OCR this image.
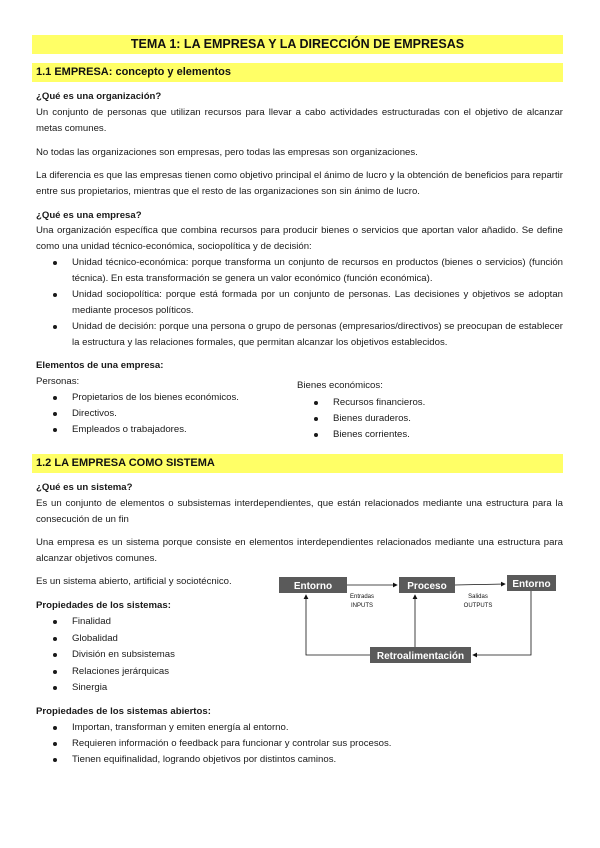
TEMA 1: LA EMPRESA Y LA DIRECCIÓN DE EMPRESAS
1.1 EMPRESA: concepto y elementos
¿Qué es una organización?
Un conjunto de personas que utilizan recursos para llevar a cabo actividades estructuradas con el objetivo de alcanzar metas comunes.
No todas las organizaciones son empresas, pero todas las empresas son organizaciones.
La diferencia es que las empresas tienen como objetivo principal el ánimo de lucro y la obtención de beneficios para repartir entre sus propietarios, mientras que el resto de las organizaciones son sin ánimo de lucro.
¿Qué es una empresa?
Una organización específica que combina recursos para producir bienes o servicios que aportan valor añadido. Se define como una unidad técnico-económica, sociopolítica y de decisión:
Unidad técnico-económica: porque transforma un conjunto de recursos en productos (bienes o servicios) (función técnica). En esta transformación se genera un valor económico (función económica).
Unidad sociopolítica: porque está formada por un conjunto de personas. Las decisiones y objetivos se adoptan mediante procesos políticos.
Unidad de decisión: porque una persona o grupo de personas (empresarios/directivos) se preocupan de establecer la estructura y las relaciones formales, que permitan alcanzar los objetivos establecidos.
Elementos de una empresa:
Personas:
Propietarios de los bienes económicos.
Directivos.
Empleados o trabajadores.
Bienes económicos:
Recursos financieros.
Bienes duraderos.
Bienes corrientes.
1.2 LA EMPRESA COMO SISTEMA
¿Qué es un sistema?
Es un conjunto de elementos o subsistemas interdependientes, que están relacionados mediante una estructura para la consecución de un fin
Una empresa es un sistema porque consiste en elementos interdependientes relacionados mediante una estructura para alcanzar objetivos comunes.
Es un sistema abierto, artificial y sociotécnico.
Propiedades de los sistemas:
Finalidad
Globalidad
División en subsistemas
Relaciones jerárquicas
Sinergia
Propiedades de los sistemas abiertos:
Importan, transforman y emiten energía al entorno.
Requieren información o feedback para funcionar y controlar sus procesos.
Tienen equifinalidad, logrando objetivos por distintos caminos.
Entorno	Proceso	Entorno
Retroalimentación
Entradas
INPUTS
Salidas
OUTPUTS
